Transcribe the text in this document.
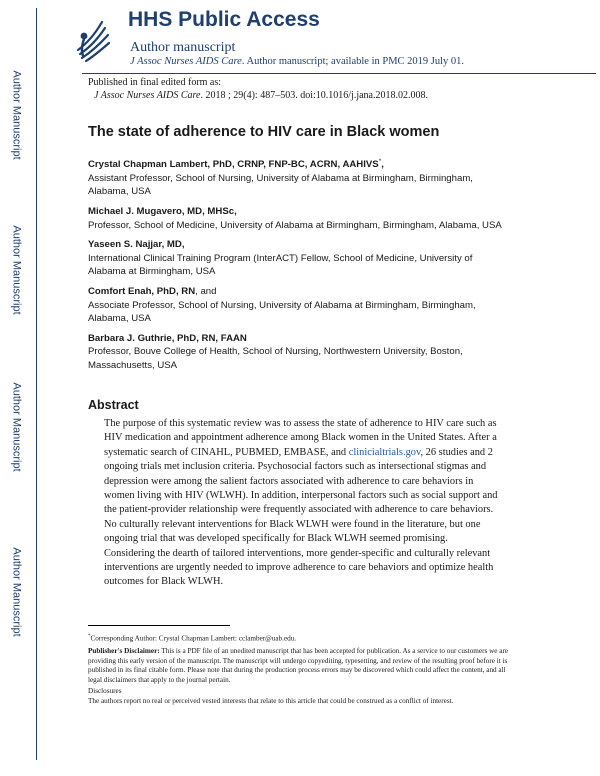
Author Manuscript
Author Manuscript
Author Manuscript
Author Manuscript
HHS Public Access
Author manuscript
J Assoc Nurses AIDS Care. Author manuscript; available in PMC 2019 July 01.
Published in final edited form as:
J Assoc Nurses AIDS Care. 2018 ; 29(4): 487–503. doi:10.1016/j.jana.2018.02.008.
The state of adherence to HIV care in Black women
Crystal Chapman Lambert, PhD, CRNP, FNP-BC, ACRN, AAHIVS*,
Assistant Professor, School of Nursing, University of Alabama at Birmingham, Birmingham, Alabama, USA
Michael J. Mugavero, MD, MHSc,
Professor, School of Medicine, University of Alabama at Birmingham, Birmingham, Alabama, USA
Yaseen S. Najjar, MD,
International Clinical Training Program (InterACT) Fellow, School of Medicine, University of Alabama at Birmingham, USA
Comfort Enah, PhD, RN, and
Associate Professor, School of Nursing, University of Alabama at Birmingham, Birmingham, Alabama, USA
Barbara J. Guthrie, PhD, RN, FAAN
Professor, Bouve College of Health, School of Nursing, Northwestern University, Boston, Massachusetts, USA
Abstract
The purpose of this systematic review was to assess the state of adherence to HIV care such as HIV medication and appointment adherence among Black women in the United States. After a systematic search of CINAHL, PUBMED, EMBASE, and clinicialtrials.gov, 26 studies and 2 ongoing trials met inclusion criteria. Psychosocial factors such as intersectional stigmas and depression were among the salient factors associated with adherence to care behaviors in women living with HIV (WLWH). In addition, interpersonal factors such as social support and the patient-provider relationship were frequently associated with adherence to care behaviors. No culturally relevant interventions for Black WLWH were found in the literature, but one ongoing trial that was developed specifically for Black WLWH seemed promising. Considering the dearth of tailored interventions, more gender-specific and culturally relevant interventions are urgently needed to improve adherence to care behaviors and optimize health outcomes for Black WLWH.
*Corresponding Author: Crystal Chapman Lambert: cclamber@uab.edu.
Publisher's Disclaimer: This is a PDF file of an unedited manuscript that has been accepted for publication. As a service to our customers we are providing this early version of the manuscript. The manuscript will undergo copyediting, typesetting, and review of the resulting proof before it is published in its final citable form. Please note that during the production process errors may be discovered which could affect the content, and all legal disclaimers that apply to the journal pertain.
Disclosures
The authors report no real or perceived vested interests that relate to this article that could be construed as a conflict of interest.
